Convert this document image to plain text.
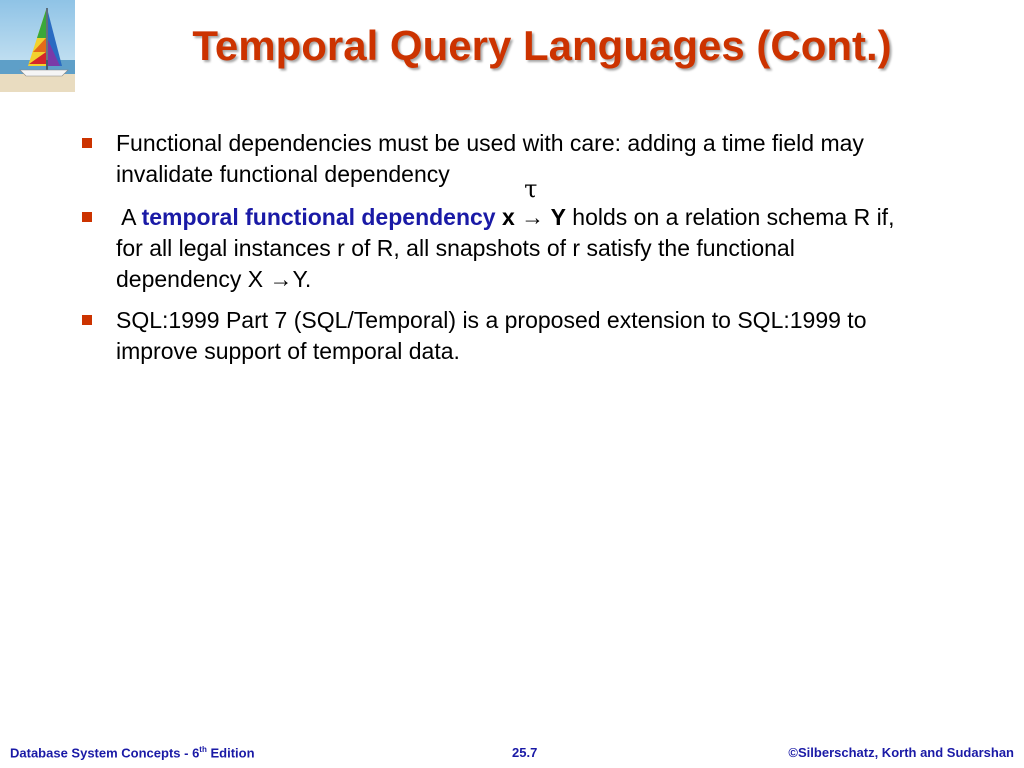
Temporal Query Languages (Cont.)
Functional dependencies must be used with care: adding a time field may invalidate functional dependency
A temporal functional dependency x
τ
→ Y holds on a relation schema R if, for all legal instances r of R, all snapshots of r satisfy the functional dependency X →Y.
SQL:1999 Part 7 (SQL/Temporal) is a proposed extension to SQL:1999 to improve support of temporal data.
Database System Concepts - 6th Edition	25.7	©Silberschatz, Korth and Sudarshan
